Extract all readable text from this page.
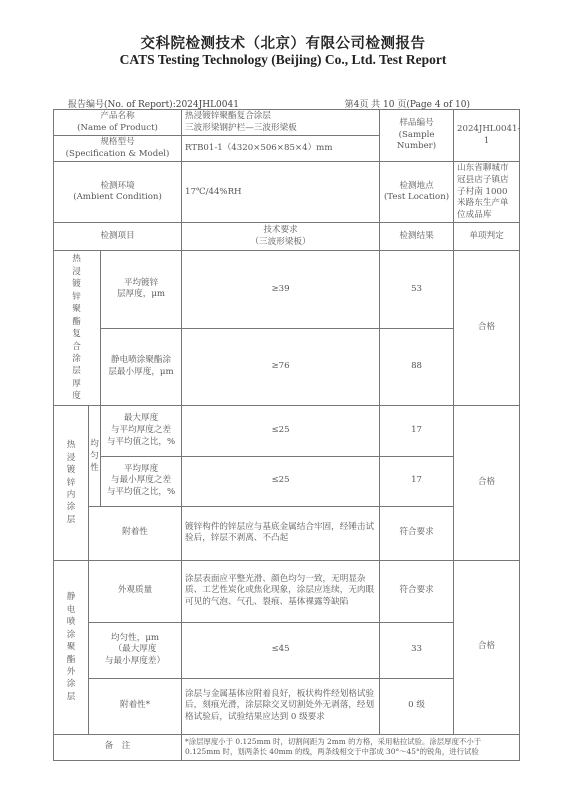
交科院检测技术（北京）有限公司检测报告
CATS Testing Technology (Beijing) Co., Ltd. Test Report
报告编号(No. of Report):2024JHL0041	第4页 共 10 页(Page 4 of 10)
产品名称
(Name of Product)			热浸镀锌聚酯复合涂层
三波形梁钢护栏—三波形梁板	样品编号
(Sample Number)	2024JHL0041-1
规格型号
(Specification & Model)			RTB01-1（4320×506×85×4）mm		
检测环境
(Ambient Condition)			17℃/44%RH	检测地点
(Test Location)	山东省聊城市冠县店子镇店子村南 1000 米路东生产单位成品库
检测项目			技术要求
（三波形梁板）	检测结果	单项判定

热浸镀锌聚酯复合涂层厚度		平均镀锌
层厚度，μm	≥39	53	合格
		静电喷涂聚酯涂
层最小厚度，μm	≥76	88	

热浸镀锌内涂层	均匀性	最大厚度
与平均厚度之差
与平均值之比，%	≤25	17	合格
		平均厚度
与最小厚度之差
与平均值之比，%	≤25	17	
	附着性		镀锌构件的锌层应与基底金属结合牢固，经锤击试验后，锌层不剥离、不凸起	符合要求	

静电喷涂聚酯外涂层	外观质量		涂层表面应平整光滑、颜色均匀一致，无明显杂质、工艺性炭化或焦化现象，涂层应连续，无肉眼可见的气泡、气孔、裂痕、基体裸露等缺陷	符合要求	合格
	均匀性，μm
（最大厚度
与最小厚度差）		≤45	33	
	附着性*		涂层与金属基体应附着良好，板状构件经划格试验后，刻痕光滑，涂层除交叉切割处外无剥落，经划格试验后，试验结果应达到 0 级要求	0 级	
备　注			*涂层厚度小于 0.125mm 时，切割间距为 2mm 的方格，采用粘拉试验。涂层厚度不小于 0.125mm 时，划两条长 40mm 的线，两条线相交于中部成 30°～45°的锐角，进行试验		
